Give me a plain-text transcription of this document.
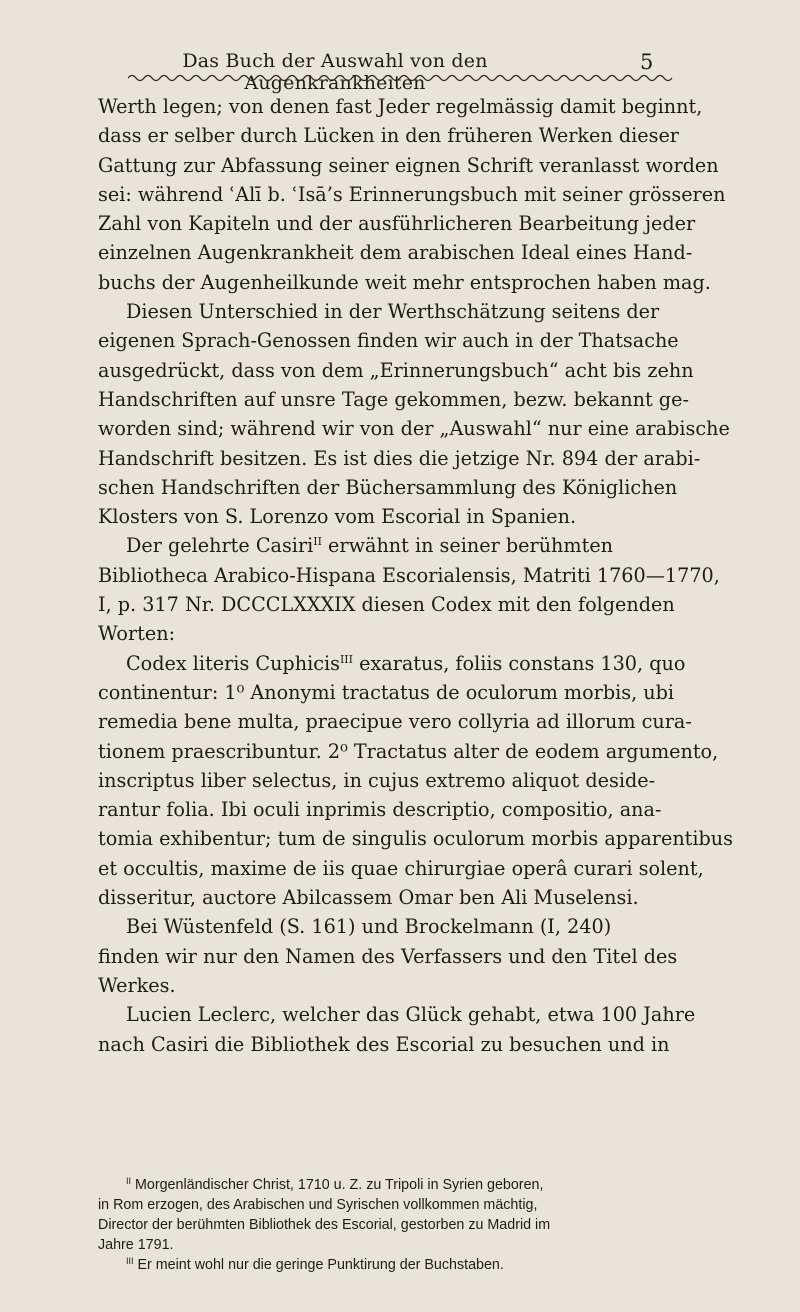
Das Buch der Auswahl von den Augenkrankheiten
5
Werth legen; von denen fast Jeder regelmässig damit beginnt,
dass er selber durch Lücken in den früheren Werken dieser
Gattung zur Abfassung seiner eignen Schrift veranlasst worden
sei: während ʿAlī b. ʿIsā’s Erinnerungsbuch mit seiner grösseren
Zahl von Kapiteln und der ausführlicheren Bearbeitung jeder
einzelnen Augenkrankheit dem arabischen Ideal eines Hand-
buchs der Augenheilkunde weit mehr entsprochen haben mag.
Diesen Unterschied in der Werthschätzung seitens der
eigenen Sprach-Genossen finden wir auch in der Thatsache
ausgedrückt, dass von dem „Erinnerungsbuch“ acht bis zehn
Handschriften auf unsre Tage gekommen, bezw. bekannt ge-
worden sind; während wir von der „Auswahl“ nur eine arabische
Handschrift besitzen. Es ist dies die jetzige Nr. 894 der arabi-
schen Handschriften der Büchersammlung des Königlichen
Klosters von S. Lorenzo vom Escorial in Spanien.
Der gelehrte Casiri$^{II}$ erwähnt in seiner berühmten
Bibliotheca Arabico-Hispana Escorialensis, Matriti 1760—1770,
I, p. 317 Nr. DCCCLXXXIX diesen Codex mit den folgenden
Worten:
Codex literis Cuphicis$^{III}$ exaratus, foliis constans 130, quo
continentur: 1⁰ Anonymi tractatus de oculorum morbis, ubi
remedia bene multa, praecipue vero collyria ad illorum cura-
tionem praescribuntur. 2⁰ Tractatus alter de eodem argumento,
inscriptus liber selectus, in cujus extremo aliquot deside-
rantur folia. Ibi oculi inprimis descriptio, compositio, ana-
tomia exhibentur; tum de singulis oculorum morbis apparentibus
et occultis, maxime de iis quae chirurgiae operâ curari solent,
disseritur, auctore Abilcassem Omar ben Ali Muselensi.
Bei Wüstenfeld (S. 161) und Brockelmann (I, 240)
finden wir nur den Namen des Verfassers und den Titel des
Werkes.
Lucien Leclerc, welcher das Glück gehabt, etwa 100 Jahre
nach Casiri die Bibliothek des Escorial zu besuchen und in
$^{II}$ Morgenländischer Christ, 1710 u. Z. zu Tripoli in Syrien geboren,
in Rom erzogen, des Arabischen und Syrischen vollkommen mächtig,
Director der berühmten Bibliothek des Escorial, gestorben zu Madrid im
Jahre 1791.
$^{III}$ Er meint wohl nur die geringe Punktirung der Buchstaben.
